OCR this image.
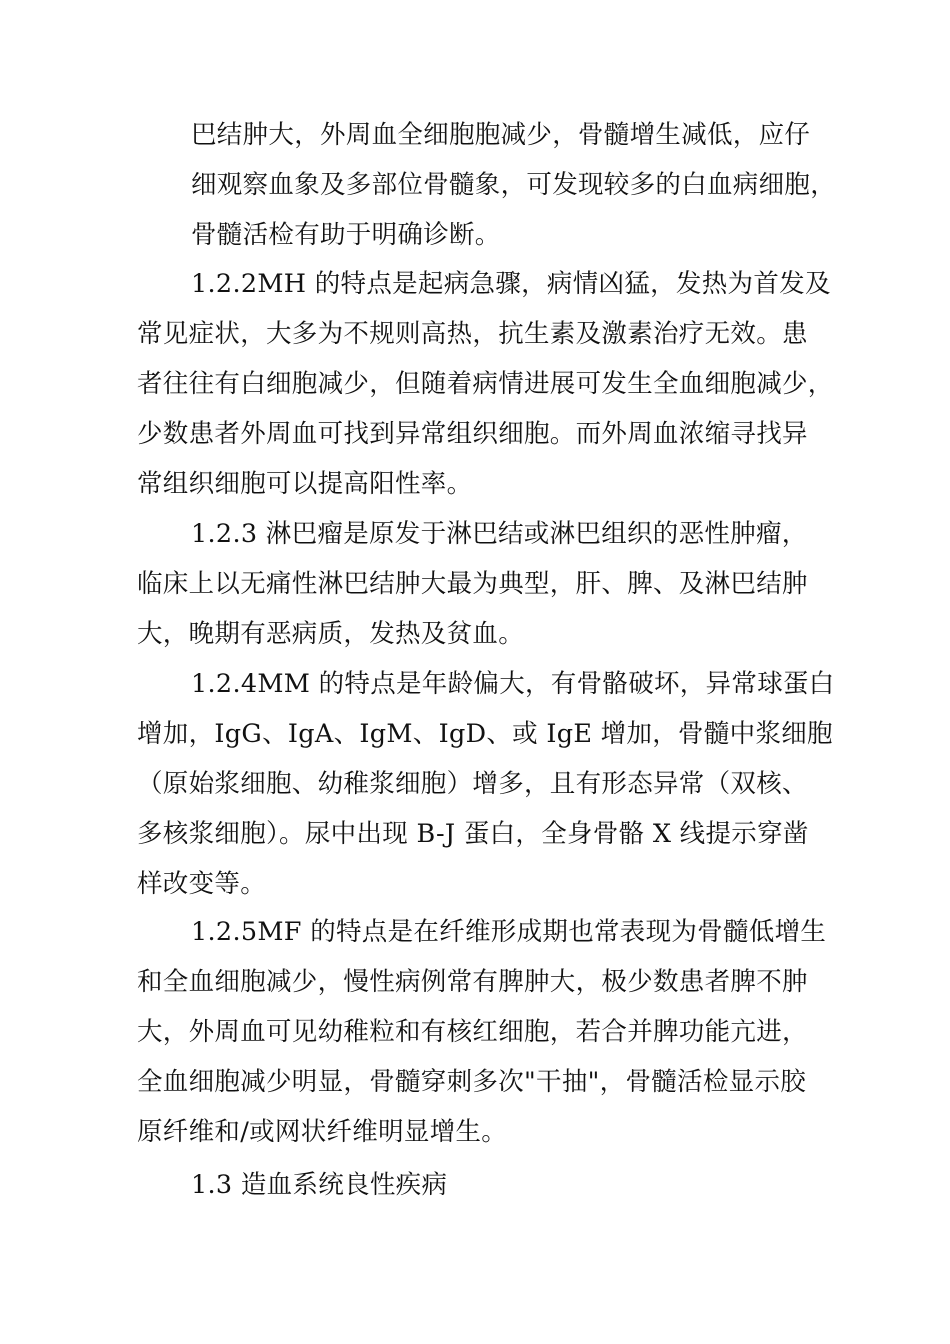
巴结肿大，外周血全细胞胞减少，骨髓增生减低，应仔
细观察血象及多部位骨髓象，可发现较多的白血病细胞，
骨髓活检有助于明确诊断。
1.2.2MH 的特点是起病急骤，病情凶猛，发热为首发及
常见症状，大多为不规则高热，抗生素及激素治疗无效。患
者往往有白细胞减少，但随着病情进展可发生全血细胞减少，
少数患者外周血可找到异常组织细胞。而外周血浓缩寻找异
常组织细胞可以提高阳性率。
1.2.3 淋巴瘤是原发于淋巴结或淋巴组织的恶性肿瘤，
临床上以无痛性淋巴结肿大最为典型，肝、脾、及淋巴结肿
大，晚期有恶病质，发热及贫血。
1.2.4MM 的特点是年龄偏大，有骨骼破坏，异常球蛋白
增加，IgG、IgA、IgM、IgD、或 IgE 增加，骨髓中浆细胞
（原始浆细胞、幼稚浆细胞）增多，且有形态异常（双核、
多核浆细胞）。尿中出现 B-J 蛋白，全身骨骼 X 线提示穿凿
样改变等。
1.2.5MF 的特点是在纤维形成期也常表现为骨髓低增生
和全血细胞减少，慢性病例常有脾肿大，极少数患者脾不肿
大，外周血可见幼稚粒和有核红细胞，若合并脾功能亢进，
全血细胞减少明显，骨髓穿刺多次"干抽"，骨髓活检显示胶
原纤维和/或网状纤维明显增生。
1.3 造血系统良性疾病
